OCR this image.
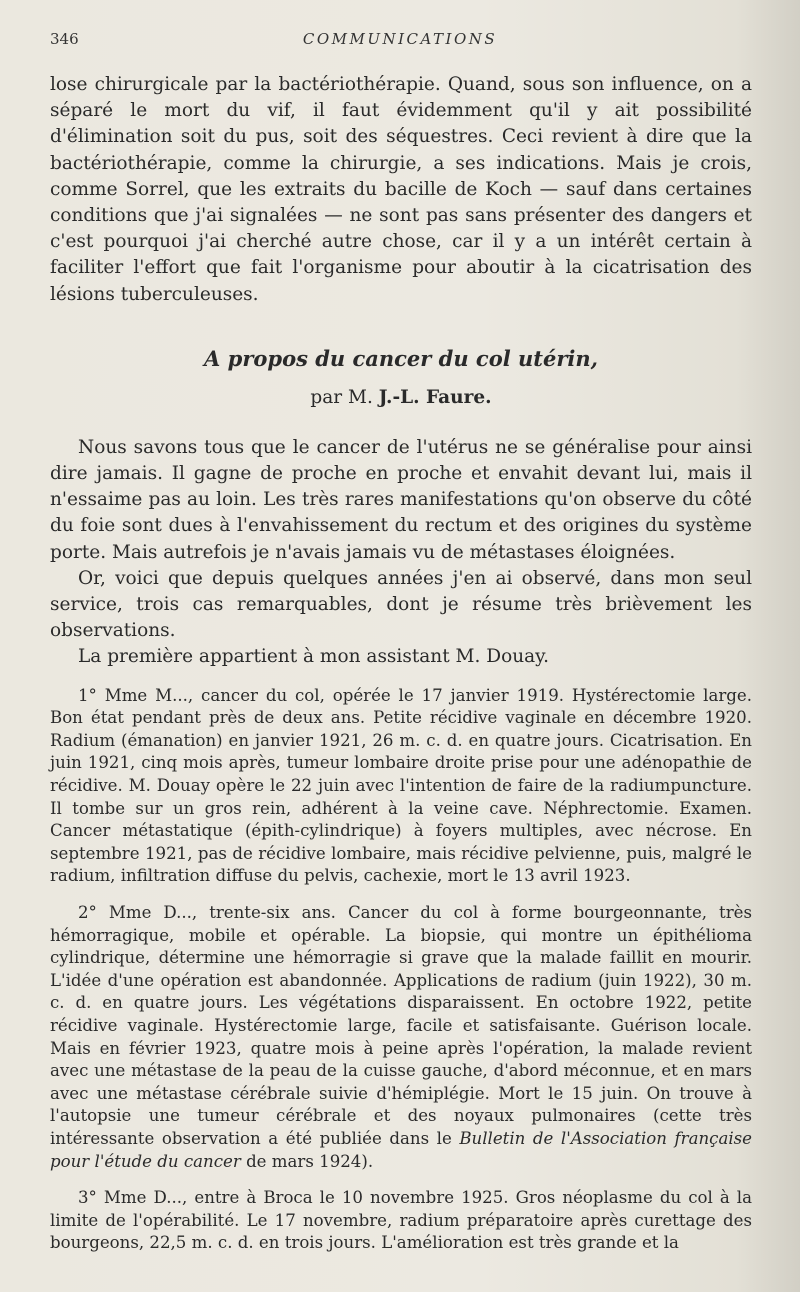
346	COMMUNICATIONS

lose chirurgicale par la bactériothérapie. Quand, sous son influence, on a séparé le mort du vif, il faut évidemment qu'il y ait possibilité d'élimination soit du pus, soit des séquestres. Ceci revient à dire que la bactériothérapie, comme la chirurgie, a ses indications. Mais je crois, comme Sorrel, que les extraits du bacille de Koch — sauf dans certaines conditions que j'ai signalées — ne sont pas sans présenter des dangers et c'est pourquoi j'ai cherché autre chose, car il y a un intérêt certain à faciliter l'effort que fait l'organisme pour aboutir à la cicatrisation des lésions tuberculeuses.

A propos du cancer du col utérin,
par M. J.-L. Faure.

Nous savons tous que le cancer de l'utérus ne se généralise pour ainsi dire jamais. Il gagne de proche en proche et envahit devant lui, mais il n'essaime pas au loin. Les très rares manifestations qu'on observe du côté du foie sont dues à l'envahissement du rectum et des origines du système porte. Mais autrefois je n'avais jamais vu de métastases éloignées.

Or, voici que depuis quelques années j'en ai observé, dans mon seul service, trois cas remarquables, dont je résume très brièvement les observations.

La première appartient à mon assistant M. Douay.

1° Mme M..., cancer du col, opérée le 17 janvier 1919. Hystérectomie large. Bon état pendant près de deux ans. Petite récidive vaginale en décembre 1920. Radium (émanation) en janvier 1921, 26 m. c. d. en quatre jours. Cicatrisation. En juin 1921, cinq mois après, tumeur lombaire droite prise pour une adénopathie de récidive. M. Douay opère le 22 juin avec l'intention de faire de la radiumpuncture. Il tombe sur un gros rein, adhérent à la veine cave. Néphrectomie. Examen. Cancer métastatique (épith-cylindrique) à foyers multiples, avec nécrose. En septembre 1921, pas de récidive lombaire, mais récidive pelvienne, puis, malgré le radium, infiltration diffuse du pelvis, cachexie, mort le 13 avril 1923.

2° Mme D..., trente-six ans. Cancer du col à forme bourgeonnante, très hémorragique, mobile et opérable. La biopsie, qui montre un épithélioma cylindrique, détermine une hémorragie si grave que la malade faillit en mourir. L'idée d'une opération est abandonnée. Applications de radium (juin 1922), 30 m. c. d. en quatre jours. Les végétations disparaissent. En octobre 1922, petite récidive vaginale. Hystérectomie large, facile et satisfaisante. Guérison locale. Mais en février 1923, quatre mois à peine après l'opération, la malade revient avec une métastase de la peau de la cuisse gauche, d'abord méconnue, et en mars avec une métastase cérébrale suivie d'hémiplégie. Mort le 15 juin. On trouve à l'autopsie une tumeur cérébrale et des noyaux pulmonaires (cette très intéressante observation a été publiée dans le Bulletin de l'Association française pour l'étude du cancer de mars 1924).

3° Mme D..., entre à Broca le 10 novembre 1925. Gros néoplasme du col à la limite de l'opérabilité. Le 17 novembre, radium préparatoire après curettage des bourgeons, 22,5 m. c. d. en trois jours. L'amélioration est très grande et la
